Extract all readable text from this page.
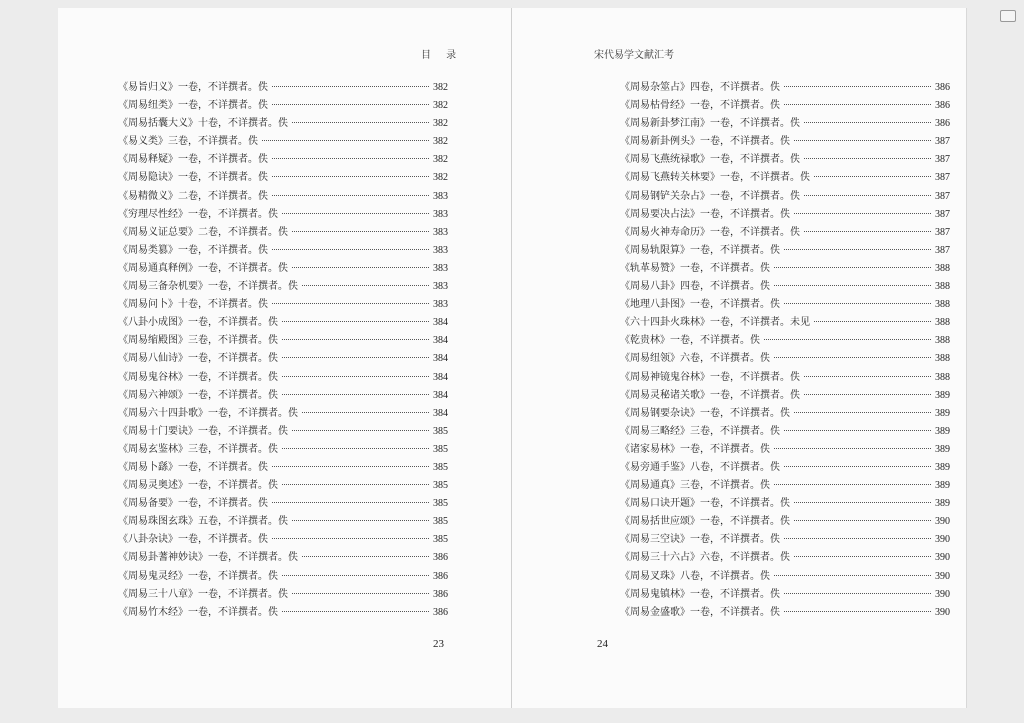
目 录
《易旨归义》一卷，不详撰者。佚	382
《周易纽类》一卷，不详撰者。佚	382
《周易括囊大义》十卷，不详撰者。佚	382
《易义类》三卷，不详撰者。佚	382
《周易释疑》一卷，不详撰者。佚	382
《周易隐诀》一卷，不详撰者。佚	382
《易精微义》二卷，不详撰者。佚	383
《穷理尽性经》一卷，不详撰者。佚	383
《周易义证总要》二卷，不详撰者。佚	383
《周易类篡》一卷，不详撰者。佚	383
《周易通真释例》一卷，不详撰者。佚	383
《周易三备杂机要》一卷，不详撰者。佚	383
《周易问卜》十卷，不详撰者。佚	383
《八卦小成图》一卷，不详撰者。佚	384
《周易缩殿图》三卷，不详撰者。佚	384
《周易八仙诗》一卷，不详撰者。佚	384
《周易鬼谷林》一卷，不详撰者。佚	384
《周易六神颂》一卷，不详撰者。佚	384
《周易六十四卦歌》一卷，不详撰者。佚	384
《周易十门要诀》一卷，不详撰者。佚	385
《周易玄鉴林》三卷，不详撰者。佚	385
《周易卜繇》一卷，不详撰者。佚	385
《周易灵奥述》一卷，不详撰者。佚	385
《周易备要》一卷，不详撰者。佚	385
《周易珠图玄珠》五卷，不详撰者。佚	385
《八卦杂诀》一卷，不详撰者。佚	385
《周易卦蓍神妙诀》一卷，不详撰者。佚	386
《周易鬼灵经》一卷，不详撰者。佚	386
《周易三十八章》一卷，不详撰者。佚	386
《周易竹木经》一卷，不详撰者。佚	386
23
宋代易学文献汇考
《周易杂筮占》四卷，不详撰者。佚	386
《周易枯骨经》一卷，不详撰者。佚	386
《周易新卦梦江南》一卷，不详撰者。佚	386
《周易新卦例头》一卷，不详撰者。佚	387
《周易飞燕统禄歌》一卷，不详撰者。佚	387
《周易飞燕转关林要》一卷，不详撰者。佚	387
《周易钢铲关杂占》一卷，不详撰者。佚	387
《周易要决占法》一卷，不详撰者。佚	387
《周易火神寿命历》一卷，不详撰者。佚	387
《周易轨限算》一卷，不详撰者。佚	387
《轨革易赞》一卷，不详撰者。佚	388
《周易八卦》四卷，不详撰者。佚	388
《地理八卦图》一卷，不详撰者。佚	388
《六十四卦火珠林》一卷，不详撰者。未见	388
《乾贵林》一卷，不详撰者。佚	388
《周易纽领》六卷，不详撰者。佚	388
《周易神镜鬼谷林》一卷，不详撰者。佚	388
《周易灵秘诸关歌》一卷，不详撰者。佚	389
《周易钢要杂诀》一卷，不详撰者。佚	389
《周易三略经》三卷，不详撰者。佚	389
《诸家易林》一卷，不详撰者。佚	389
《易旁通手鉴》八卷，不详撰者。佚	389
《周易通真》三卷，不详撰者。佚	389
《周易口诀开题》一卷，不详撰者。佚	389
《周易括世应颂》一卷，不详撰者。佚	390
《周易三空诀》一卷，不详撰者。佚	390
《周易三十六占》六卷，不详撰者。佚	390
《周易叉珠》八卷，不详撰者。佚	390
《周易鬼镇林》一卷，不详撰者。佚	390
《周易金盛歌》一卷，不详撰者。佚	390
24
